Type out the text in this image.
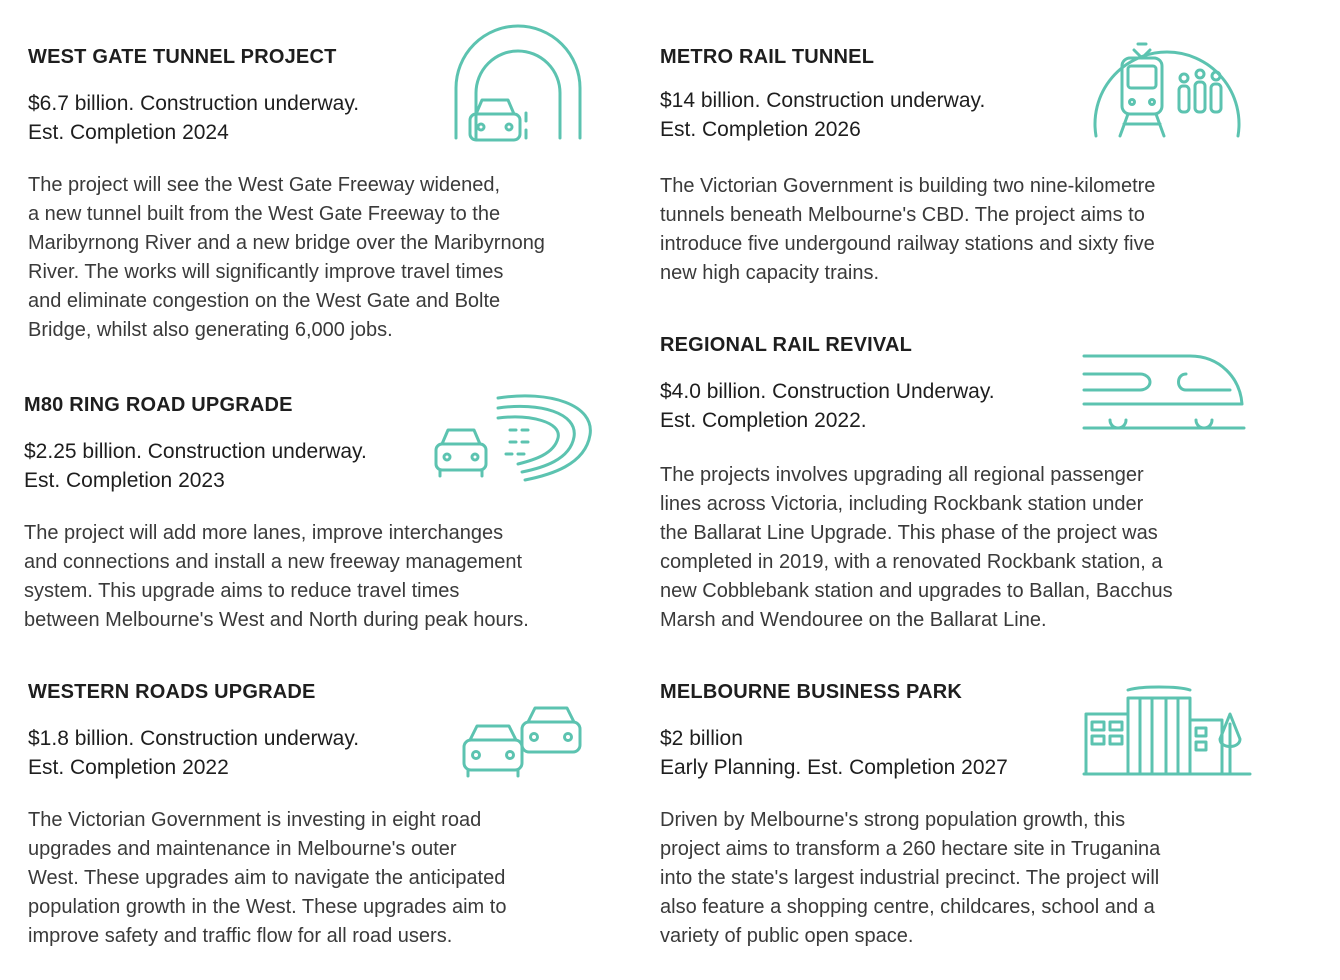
WEST GATE TUNNEL PROJECT
$6.7 billion. Construction underway.
Est. Completion 2024
The project will see the West Gate Freeway widened,
a new tunnel built from the West Gate Freeway to the
Maribyrnong River and a new bridge over the Maribyrnong
River. The works will significantly improve travel times
and eliminate congestion on the West Gate and Bolte
Bridge, whilst also generating 6,000 jobs.
M80 RING ROAD UPGRADE
$2.25 billion. Construction underway.
Est. Completion 2023
The project will add more lanes, improve interchanges
and connections and install a new freeway management
system. This upgrade aims to reduce travel times
between Melbourne's West and North during peak hours.
WESTERN ROADS UPGRADE
$1.8 billion. Construction underway.
Est. Completion 2022
The Victorian Government is investing in eight road
upgrades and maintenance in Melbourne's outer
West. These upgrades aim to navigate the anticipated
population growth in the West. These upgrades aim to
improve safety and traffic flow for all road users.
METRO RAIL TUNNEL
$14 billion. Construction underway.
Est. Completion 2026
The Victorian Government is building two nine-kilometre
tunnels beneath Melbourne's CBD. The project aims to
introduce five undergound railway stations and sixty five
new high capacity trains.
REGIONAL RAIL REVIVAL
$4.0 billion. Construction Underway.
Est. Completion 2022.
The projects involves upgrading all regional passenger
lines across Victoria, including Rockbank station under
the Ballarat Line Upgrade. This phase of the project was
completed in 2019, with a renovated Rockbank station, a
new Cobblebank station and upgrades to Ballan, Bacchus
Marsh and Wendouree on the Ballarat Line.
MELBOURNE BUSINESS PARK
$2 billion
Early Planning. Est. Completion 2027
Driven by Melbourne's strong population growth, this
project aims to transform a 260 hectare site in Truganina
into the state's largest industrial precinct. The project will
also feature a shopping centre, childcares, school and a
variety of public open space.
